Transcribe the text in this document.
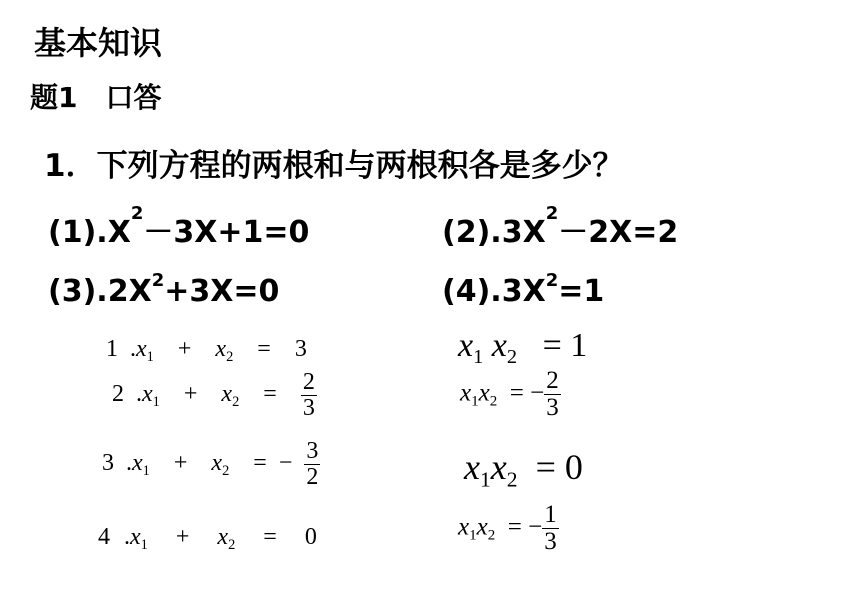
基本知识
题1　口答
1．下列方程的两根和与两根积各是多少？
$(1).X^2-3X+1=0$	$(2).3X^2-2X=2$
$(3).2X^2+3X=0$	$(4).3X^2=1$
1 $.x_1 + x_2 = 3$
2 $.x_1 + x_2 = \frac{2}{3}$
3 $.x_1 + x_2$ = − $\frac{3}{2}$
4 $.x_1 + x_2 = 0$
$x_1$ $x_2 = 1$
$x_1x_2$ = − $\frac{2}{3}$
$x_1x_2 = 0$
$x_1x_2$ = − $\frac{1}{3}$
